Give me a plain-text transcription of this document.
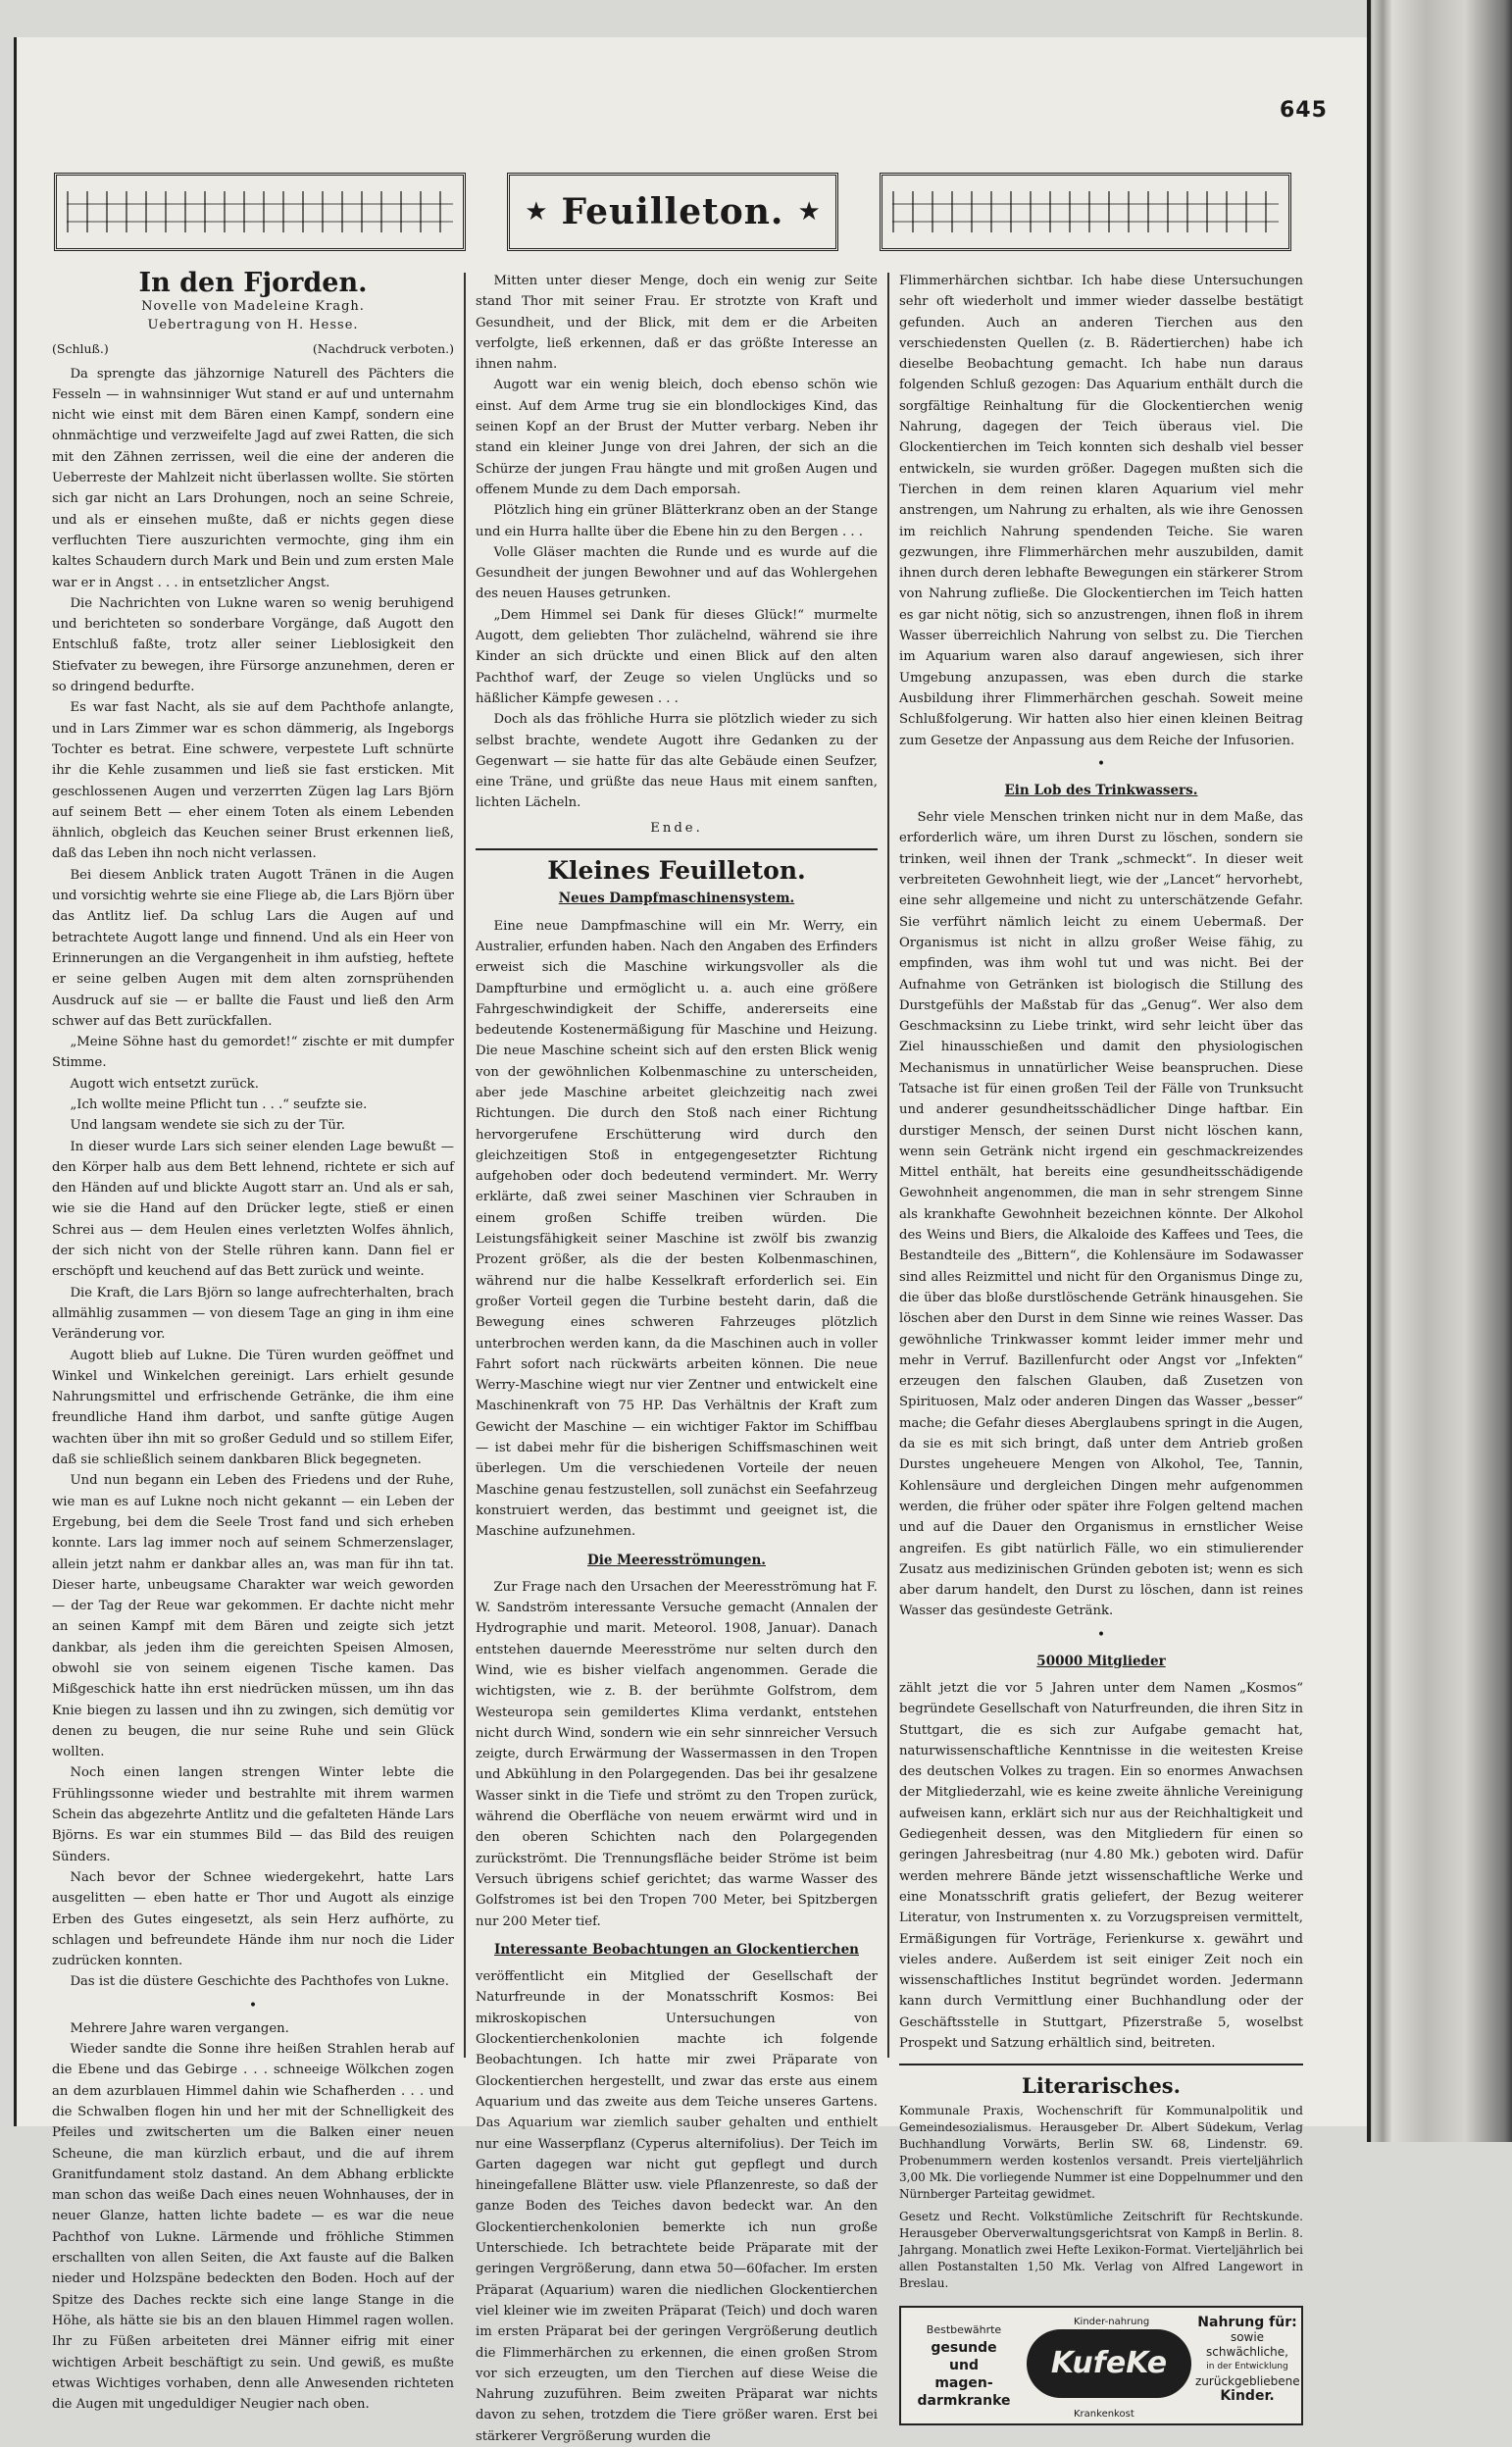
645
★ Feuilleton. ★
In den Fjorden.
Novelle von Madeleine Kragh.
Uebertragung von H. Hesse.
(Schluß.)	(Nachdruck verboten.)

Da sprengte das jähzornige Naturell des Pächters die Fesseln — in wahnsinniger Wut stand er auf und unternahm nicht wie einst mit dem Bären einen Kampf, sondern eine ohnmächtige und verzweifelte Jagd auf zwei Ratten, die sich mit den Zähnen zerrissen, weil die eine der anderen die Ueberreste der Mahlzeit nicht überlassen wollte. Sie störten sich gar nicht an Lars Drohungen, noch an seine Schreie, und als er einsehen mußte, daß er nichts gegen diese verfluchten Tiere auszurichten vermochte, ging ihm ein kaltes Schaudern durch Mark und Bein und zum ersten Male war er in Angst . . . in entsetzlicher Angst.

Die Nachrichten von Lukne waren so wenig beruhigend und berichteten so sonderbare Vorgänge, daß Augott den Entschluß faßte, trotz aller seiner Lieblosigkeit den Stiefvater zu bewegen, ihre Fürsorge anzunehmen, deren er so dringend bedurfte.

Es war fast Nacht, als sie auf dem Pachthofe anlangte, und in Lars Zimmer war es schon dämmerig, als Ingeborgs Tochter es betrat. Eine schwere, verpestete Luft schnürte ihr die Kehle zusammen und ließ sie fast ersticken. Mit geschlossenen Augen und verzerrten Zügen lag Lars Björn auf seinem Bett — eher einem Toten als einem Lebenden ähnlich, obgleich das Keuchen seiner Brust erkennen ließ, daß das Leben ihn noch nicht verlassen.

Bei diesem Anblick traten Augott Tränen in die Augen und vorsichtig wehrte sie eine Fliege ab, die Lars Björn über das Antlitz lief. Da schlug Lars die Augen auf und betrachtete Augott lange und finnend. Und als ein Heer von Erinnerungen an die Vergangenheit in ihm aufstieg, heftete er seine gelben Augen mit dem alten zornsprühenden Ausdruck auf sie — er ballte die Faust und ließ den Arm schwer auf das Bett zurückfallen.

„Meine Söhne hast du gemordet!“ zischte er mit dumpfer Stimme.

Augott wich entsetzt zurück.

„Ich wollte meine Pflicht tun . . .“ seufzte sie.

Und langsam wendete sie sich zu der Tür.

In dieser wurde Lars sich seiner elenden Lage bewußt — den Körper halb aus dem Bett lehnend, richtete er sich auf den Händen auf und blickte Augott starr an. Und als er sah, wie sie die Hand auf den Drücker legte, stieß er einen Schrei aus — dem Heulen eines verletzten Wolfes ähnlich, der sich nicht von der Stelle rühren kann. Dann fiel er erschöpft und keuchend auf das Bett zurück und weinte.

Die Kraft, die Lars Björn so lange aufrechterhalten, brach allmählig zusammen — von diesem Tage an ging in ihm eine Veränderung vor.

Augott blieb auf Lukne. Die Türen wurden geöffnet und Winkel und Winkelchen gereinigt. Lars erhielt gesunde Nahrungsmittel und erfrischende Getränke, die ihm eine freundliche Hand ihm darbot, und sanfte gütige Augen wachten über ihn mit so großer Geduld und so stillem Eifer, daß sie schließlich seinem dankbaren Blick begegneten.

Und nun begann ein Leben des Friedens und der Ruhe, wie man es auf Lukne noch nicht gekannt — ein Leben der Ergebung, bei dem die Seele Trost fand und sich erheben konnte. Lars lag immer noch auf seinem Schmerzenslager, allein jetzt nahm er dankbar alles an, was man für ihn tat. Dieser harte, unbeugsame Charakter war weich geworden — der Tag der Reue war gekommen. Er dachte nicht mehr an seinen Kampf mit dem Bären und zeigte sich jetzt dankbar, als jeden ihm die gereichten Speisen Almosen, obwohl sie von seinem eigenen Tische kamen. Das Mißgeschick hatte ihn erst niedrücken müssen, um ihn das Knie biegen zu lassen und ihn zu zwingen, sich demütig vor denen zu beugen, die nur seine Ruhe und sein Glück wollten.

Noch einen langen strengen Winter lebte die Frühlingssonne wieder und bestrahlte mit ihrem warmen Schein das abgezehrte Antlitz und die gefalteten Hände Lars Björns. Es war ein stummes Bild — das Bild des reuigen Sünders.

Nach bevor der Schnee wiedergekehrt, hatte Lars ausgelitten — eben hatte er Thor und Augott als einzige Erben des Gutes eingesetzt, als sein Herz aufhörte, zu schlagen und befreundete Hände ihm nur noch die Lider zudrücken konnten.

Das ist die düstere Geschichte des Pachthofes von Lukne.

•

Mehrere Jahre waren vergangen.

Wieder sandte die Sonne ihre heißen Strahlen herab auf die Ebene und das Gebirge . . . schneeige Wölkchen zogen an dem azurblauen Himmel dahin wie Schafherden . . . und die Schwalben flogen hin und her mit der Schnelligkeit des Pfeiles und zwitscherten um die Balken einer neuen Scheune, die man kürzlich erbaut, und die auf ihrem Granitfundament stolz dastand. An dem Abhang erblickte man schon das weiße Dach eines neuen Wohnhauses, der in neuer Glanze, hatten lichte badete — es war die neue Pachthof von Lukne. Lärmende und fröhliche Stimmen erschallten von allen Seiten, die Axt fauste auf die Balken nieder und Holzspäne bedeckten den Boden. Hoch auf der Spitze des Daches reckte sich eine lange Stange in die Höhe, als hätte sie bis an den blauen Himmel ragen wollen. Ihr zu Füßen arbeiteten drei Männer eifrig mit einer wichtigen Arbeit beschäftigt zu sein. Und gewiß, es mußte etwas Wichtiges vorhaben, denn alle Anwesenden richteten die Augen mit ungeduldiger Neugier nach oben.

Mitten unter dieser Menge, doch ein wenig zur Seite stand Thor mit seiner Frau. Er strotzte von Kraft und Gesundheit, und der Blick, mit dem er die Arbeiten verfolgte, ließ erkennen, daß er das größte Interesse an ihnen nahm.

Augott war ein wenig bleich, doch ebenso schön wie einst. Auf dem Arme trug sie ein blondlockiges Kind, das seinen Kopf an der Brust der Mutter verbarg. Neben ihr stand ein kleiner Junge von drei Jahren, der sich an die Schürze der jungen Frau hängte und mit großen Augen und offenem Munde zu dem Dach emporsah.

Plötzlich hing ein grüner Blätterkranz oben an der Stange und ein Hurra hallte über die Ebene hin zu den Bergen . . .

Volle Gläser machten die Runde und es wurde auf die Gesundheit der jungen Bewohner und auf das Wohlergehen des neuen Hauses getrunken.

„Dem Himmel sei Dank für dieses Glück!“ murmelte Augott, dem geliebten Thor zulächelnd, während sie ihre Kinder an sich drückte und einen Blick auf den alten Pachthof warf, der Zeuge so vielen Unglücks und so häßlicher Kämpfe gewesen . . .

Doch als das fröhliche Hurra sie plötzlich wieder zu sich selbst brachte, wendete Augott ihre Gedanken zu der Gegenwart — sie hatte für das alte Gebäude einen Seufzer, eine Träne, und grüßte das neue Haus mit einem sanften, lichten Lächeln.

Ende.
Kleines Feuilleton.
Neues Dampfmaschinensystem.

Eine neue Dampfmaschine will ein Mr. Werry, ein Australier, erfunden haben. Nach den Angaben des Erfinders erweist sich die Maschine wirkungsvoller als die Dampfturbine und ermöglicht u. a. auch eine größere Fahrgeschwindigkeit der Schiffe, andererseits eine bedeutende Kostenermäßigung für Maschine und Heizung. Die neue Maschine scheint sich auf den ersten Blick wenig von der gewöhnlichen Kolbenmaschine zu unterscheiden, aber jede Maschine arbeitet gleichzeitig nach zwei Richtungen. Die durch den Stoß nach einer Richtung hervorgerufene Erschütterung wird durch den gleichzeitigen Stoß in entgegengesetzter Richtung aufgehoben oder doch bedeutend vermindert. Mr. Werry erklärte, daß zwei seiner Maschinen vier Schrauben in einem großen Schiffe treiben würden. Die Leistungsfähigkeit seiner Maschine ist zwölf bis zwanzig Prozent größer, als die der besten Kolbenmaschinen, während nur die halbe Kesselkraft erforderlich sei. Ein großer Vorteil gegen die Turbine besteht darin, daß die Bewegung eines schweren Fahrzeuges plötzlich unterbrochen werden kann, da die Maschinen auch in voller Fahrt sofort nach rückwärts arbeiten können. Die neue Werry-Maschine wiegt nur vier Zentner und entwickelt eine Maschinenkraft von 75 HP. Das Verhältnis der Kraft zum Gewicht der Maschine — ein wichtiger Faktor im Schiffbau — ist dabei mehr für die bisherigen Schiffsmaschinen weit überlegen. Um die verschiedenen Vorteile der neuen Maschine genau festzustellen, soll zunächst ein Seefahrzeug konstruiert werden, das bestimmt und geeignet ist, die Maschine aufzunehmen.

Die Meeresströmungen.

Zur Frage nach den Ursachen der Meeresströmung hat F. W. Sandström interessante Versuche gemacht (Annalen der Hydrographie und marit. Meteorol. 1908, Januar). Danach entstehen dauernde Meeresströme nur selten durch den Wind, wie es bisher vielfach angenommen. Gerade die wichtigsten, wie z. B. der berühmte Golfstrom, dem Westeuropa sein gemildertes Klima verdankt, entstehen nicht durch Wind, sondern wie ein sehr sinnreicher Versuch zeigte, durch Erwärmung der Wassermassen in den Tropen und Abkühlung in den Polargegenden. Das bei ihr gesalzene Wasser sinkt in die Tiefe und strömt zu den Tropen zurück, während die Oberfläche von neuem erwärmt wird und in den oberen Schichten nach den Polargegenden zurückströmt. Die Trennungsfläche beider Ströme ist beim Versuch übrigens schief gerichtet; das warme Wasser des Golfstromes ist bei den Tropen 700 Meter, bei Spitzbergen nur 200 Meter tief.

Interessante Beobachtungen an Glockentierchen

veröffentlicht ein Mitglied der Gesellschaft der Naturfreunde in der Monatsschrift Kosmos: Bei mikroskopischen Untersuchungen von Glockentierchenkolonien machte ich folgende Beobachtungen. Ich hatte mir zwei Präparate von Glockentierchen hergestellt, und zwar das erste aus einem Aquarium und das zweite aus dem Teiche unseres Gartens. Das Aquarium war ziemlich sauber gehalten und enthielt nur eine Wasserpflanz (Cyperus alternifolius). Der Teich im Garten dagegen war nicht gut gepflegt und durch hineingefallene Blätter usw. viele Pflanzenreste, so daß der ganze Boden des Teiches davon bedeckt war. An den Glockentierchenkolonien bemerkte ich nun große Unterschiede. Ich betrachtete beide Präparate mit der geringen Vergrößerung, dann etwa 50—60facher. Im ersten Präparat (Aquarium) waren die niedlichen Glockentierchen viel kleiner wie im zweiten Präparat (Teich) und doch waren im ersten Präparat bei der geringen Vergrößerung deutlich die Flimmerhärchen zu erkennen, die einen großen Strom vor sich erzeugten, um den Tierchen auf diese Weise die Nahrung zuzuführen. Beim zweiten Präparat war nichts davon zu sehen, trotzdem die Tiere größer waren. Erst bei stärkerer Vergrößerung wurden die

Flimmerhärchen sichtbar. Ich habe diese Untersuchungen sehr oft wiederholt und immer wieder dasselbe bestätigt gefunden. Auch an anderen Tierchen aus den verschiedensten Quellen (z. B. Rädertierchen) habe ich dieselbe Beobachtung gemacht. Ich habe nun daraus folgenden Schluß gezogen: Das Aquarium enthält durch die sorgfältige Reinhaltung für die Glockentierchen wenig Nahrung, dagegen der Teich überaus viel. Die Glockentierchen im Teich konnten sich deshalb viel besser entwickeln, sie wurden größer. Dagegen mußten sich die Tierchen in dem reinen klaren Aquarium viel mehr anstrengen, um Nahrung zu erhalten, als wie ihre Genossen im reichlich Nahrung spendenden Teiche. Sie waren gezwungen, ihre Flimmerhärchen mehr auszubilden, damit ihnen durch deren lebhafte Bewegungen ein stärkerer Strom von Nahrung zufließe. Die Glockentierchen im Teich hatten es gar nicht nötig, sich so anzustrengen, ihnen floß in ihrem Wasser überreichlich Nahrung von selbst zu. Die Tierchen im Aquarium waren also darauf angewiesen, sich ihrer Umgebung anzupassen, was eben durch die starke Ausbildung ihrer Flimmerhärchen geschah. Soweit meine Schlußfolgerung. Wir hatten also hier einen kleinen Beitrag zum Gesetze der Anpassung aus dem Reiche der Infusorien.

•
Ein Lob des Trinkwassers.

Sehr viele Menschen trinken nicht nur in dem Maße, das erforderlich wäre, um ihren Durst zu löschen, sondern sie trinken, weil ihnen der Trank „schmeckt“. In dieser weit verbreiteten Gewohnheit liegt, wie der „Lancet“ hervorhebt, eine sehr allgemeine und nicht zu unterschätzende Gefahr. Sie verführt nämlich leicht zu einem Uebermaß. Der Organismus ist nicht in allzu großer Weise fähig, zu empfinden, was ihm wohl tut und was nicht. Bei der Aufnahme von Getränken ist biologisch die Stillung des Durstgefühls der Maßstab für das „Genug“. Wer also dem Geschmacksinn zu Liebe trinkt, wird sehr leicht über das Ziel hinausschießen und damit den physiologischen Mechanismus in unnatürlicher Weise beanspruchen. Diese Tatsache ist für einen großen Teil der Fälle von Trunksucht und anderer gesundheitsschädlicher Dinge haftbar. Ein durstiger Mensch, der seinen Durst nicht löschen kann, wenn sein Getränk nicht irgend ein geschmackreizendes Mittel enthält, hat bereits eine gesundheitsschädigende Gewohnheit angenommen, die man in sehr strengem Sinne als krankhafte Gewohnheit bezeichnen könnte. Der Alkohol des Weins und Biers, die Alkaloide des Kaffees und Tees, die Bestandteile des „Bittern“, die Kohlensäure im Sodawasser sind alles Reizmittel und nicht für den Organismus Dinge zu, die über das bloße durstlöschende Getränk hinausgehen. Sie löschen aber den Durst in dem Sinne wie reines Wasser. Das gewöhnliche Trinkwasser kommt leider immer mehr und mehr in Verruf. Bazillenfurcht oder Angst vor „Infekten“ erzeugen den falschen Glauben, daß Zusetzen von Spirituosen, Malz oder anderen Dingen das Wasser „besser“ mache; die Gefahr dieses Aberglaubens springt in die Augen, da sie es mit sich bringt, daß unter dem Antrieb großen Durstes ungeheuere Mengen von Alkohol, Tee, Tannin, Kohlensäure und dergleichen Dingen mehr aufgenommen werden, die früher oder später ihre Folgen geltend machen und auf die Dauer den Organismus in ernstlicher Weise angreifen. Es gibt natürlich Fälle, wo ein stimulierender Zusatz aus medizinischen Gründen geboten ist; wenn es sich aber darum handelt, den Durst zu löschen, dann ist reines Wasser das gesündeste Getränk.

•
50000 Mitglieder

zählt jetzt die vor 5 Jahren unter dem Namen „Kosmos“ begründete Gesellschaft von Naturfreunden, die ihren Sitz in Stuttgart, die es sich zur Aufgabe gemacht hat, naturwissenschaftliche Kenntnisse in die weitesten Kreise des deutschen Volkes zu tragen. Ein so enormes Anwachsen der Mitgliederzahl, wie es keine zweite ähnliche Vereinigung aufweisen kann, erklärt sich nur aus der Reichhaltigkeit und Gediegenheit dessen, was den Mitgliedern für einen so geringen Jahresbeitrag (nur 4.80 Mk.) geboten wird. Dafür werden mehrere Bände jetzt wissenschaftliche Werke und eine Monatsschrift gratis geliefert, der Bezug weiterer Literatur, von Instrumenten x. zu Vorzugspreisen vermittelt, Ermäßigungen für Vorträge, Ferienkurse x. gewährt und vieles andere. Außerdem ist seit einiger Zeit noch ein wissenschaftliches Institut begründet worden. Jedermann kann durch Vermittlung einer Buchhandlung oder der Geschäftsstelle in Stuttgart, Pfizerstraße 5, woselbst Prospekt und Satzung erhältlich sind, beitreten.

Literarisches.

Kommunale Praxis, Wochenschrift für Kommunalpolitik und Gemeindesozialismus. Herausgeber Dr. Albert Südekum, Verlag Buchhandlung Vorwärts, Berlin SW. 68, Lindenstr. 69. Probenummern werden kostenlos versandt. Preis vierteljährlich 3,00 Mk. Die vorliegende Nummer ist eine Doppelnummer und den Nürnberger Parteitag gewidmet.

Gesetz und Recht. Volkstümliche Zeitschrift für Rechtskunde. Herausgeber Oberverwaltungsgerichtsrat von Kampß in Berlin. 8. Jahrgang. Monatlich zwei Hefte Lexikon-Format. Vierteljährlich bei allen Postanstalten 1,50 Mk. Verlag von Alfred Langewort in Breslau.

Bestbewährte
gesunde
und
magen-
darmkranke
Kinder-nahrung
KufeKe
Krankenkost
Nahrung für:
sowie
schwächliche,
in der Entwicklung
zurückgebliebene
Kinder.
